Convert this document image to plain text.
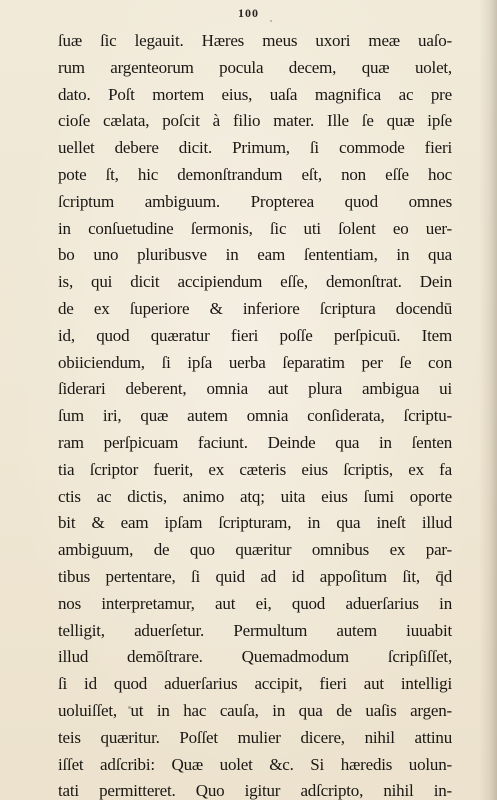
100
ſuæ ſic legauit. Hæres meus uxori meæ uaſo-
rum argenteorum pocula decem, quæ uolet,
dato. Poſt mortem eius, uaſa magnifica ac pre
cioſe cælata, poſcit à filio mater. Ille ſe quæ ipſe
uellet debere dicit. Primum, ſi commode fieri
pote ſt, hic demonſtrandum eſt, non eſſe hoc
ſcriptum ambiguum. Propterea quod omnes
in conſuetudine ſermonis, ſic uti ſolent eo uer-
bo uno pluribusve in eam ſententiam, in qua
is, qui dicit accipiendum eſſe, demonſtrat. Dein
de ex ſuperiore & inferiore ſcriptura docendū
id, quod quæratur fieri poſſe perſpicuū. Item
obiiciendum, ſi ipſa uerba ſeparatim per ſe con
ſiderari deberent, omnia aut plura ambigua ui
ſum iri, quæ autem omnia conſiderata, ſcriptu-
ram perſpicuam faciunt. Deinde qua in ſenten
tia ſcriptor fuerit, ex cæteris eius ſcriptis, ex fa
ctis ac dictis, animo atq; uita eius ſumi oporte
bit & eam ipſam ſcripturam, in qua ineſt illud
ambiguum, de quo quæritur omnibus ex par-
tibus pertentare, ſi quid ad id appoſitum ſit, q̄d
nos interpretamur, aut ei, quod aduerſarius in
telligit, aduerſetur. Permultum autem iuuabit
illud demōſtrare. Quemadmodum ſcripſiſſet,
ſi id quod aduerſarius accipit, fieri aut intelligi
uoluiſſet, ut in hac cauſa, in qua de uaſis argen-
teis quæritur. Poſſet mulier dicere, nihil attinu
iſſet adſcribi: Quæ uolet &c. Si hæredis uolun-
tati permitteret. Quo igitur adſcripto, nihil in-
